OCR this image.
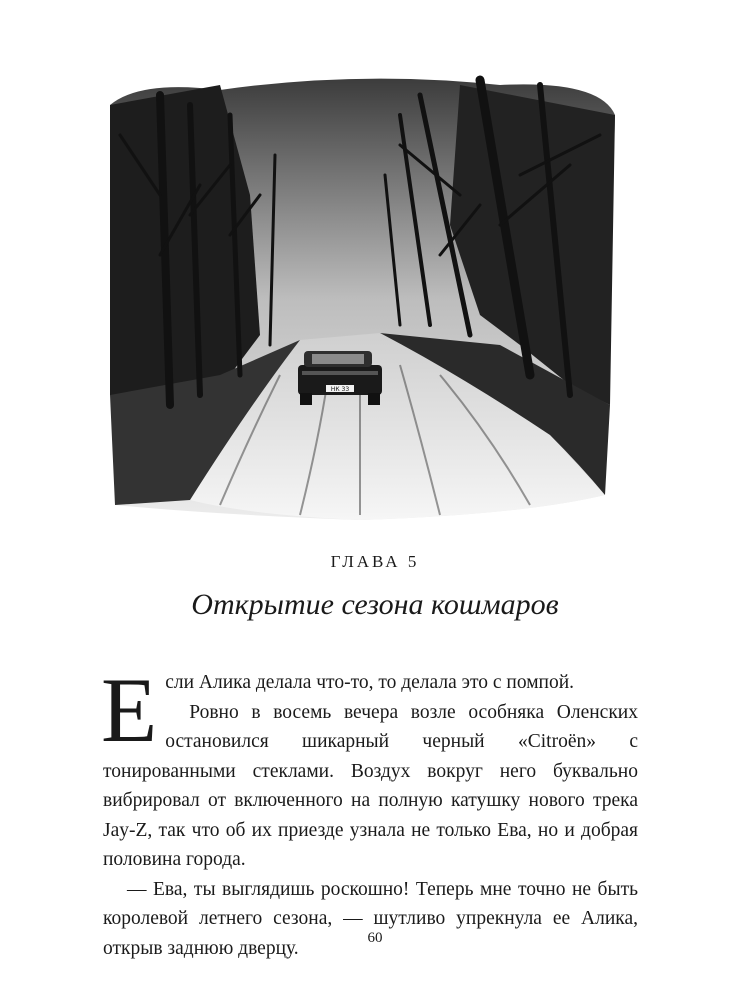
НК 33
ГЛАВА 5
Открытие сезона кошмаров

Если Алика делала что-то, то делала это с помпой.

Ровно в восемь вечера возле особняка Оленских остановился шикарный черный «Citroën» с тонированными стеклами. Воздух вокруг него буквально вибрировал от включенного на полную катушку нового трека Jay-Z, так что об их приезде узнала не только Ева, но и добрая половина города.

— Ева, ты выглядишь роскошно! Теперь мне точно не быть королевой летнего сезона, — шутливо упрекнула ее Алика, открыв заднюю дверцу.	60
